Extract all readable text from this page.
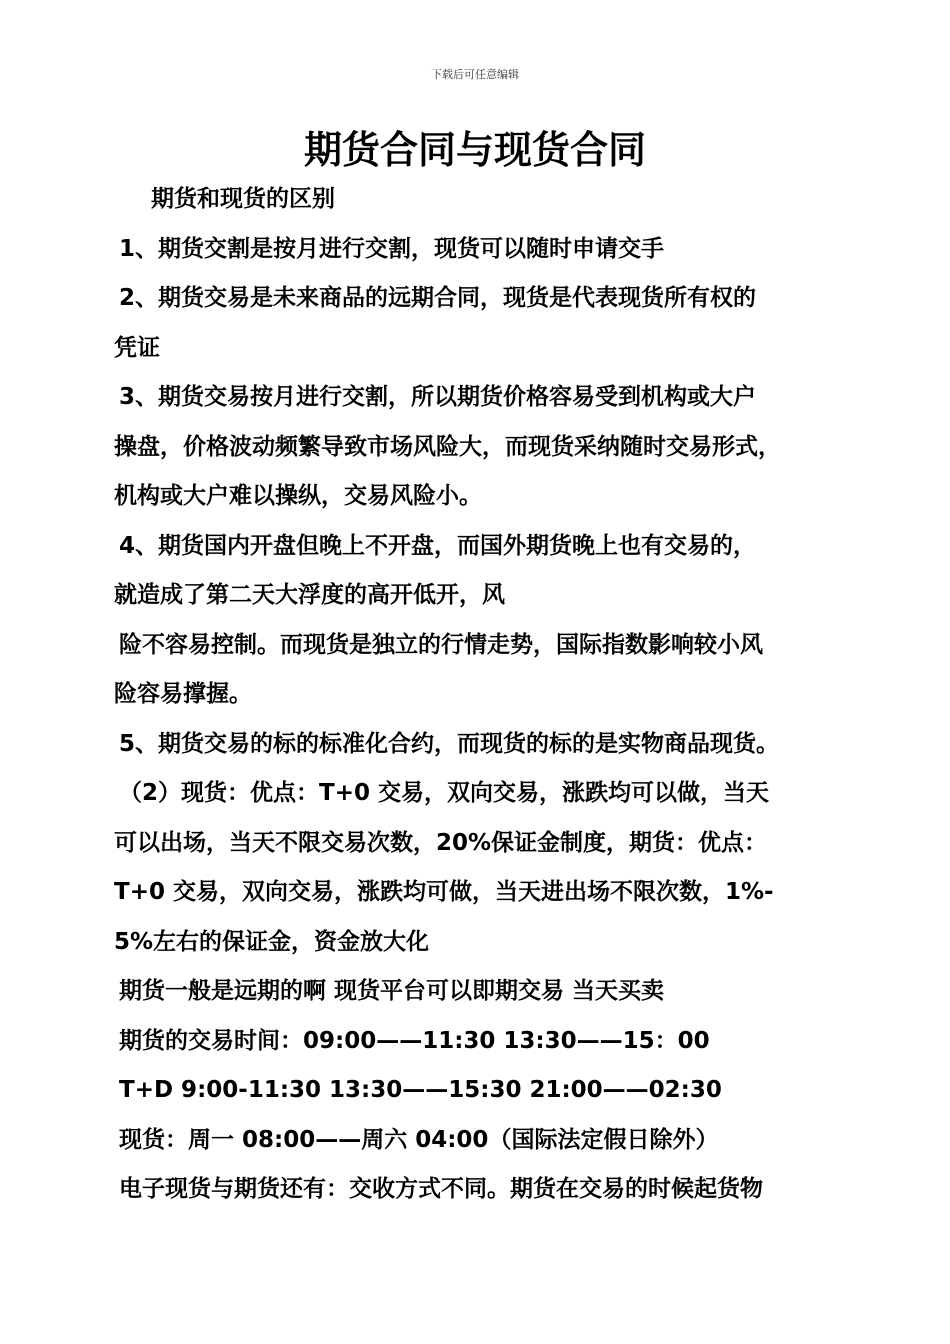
下载后可任意编辑
期货合同与现货合同

期货和现货的区别

1、期货交割是按月进行交割，现货可以随时申请交手

2、期货交易是未来商品的远期合同，现货是代表现货所有权的

凭证

3、期货交易按月进行交割，所以期货价格容易受到机构或大户

操盘，价格波动频繁导致市场风险大，而现货采纳随时交易形式，

机构或大户难以操纵，交易风险小。

4、期货国内开盘但晚上不开盘，而国外期货晚上也有交易的，

就造成了第二天大浮度的高开低开，风

险不容易控制。而现货是独立的行情走势，国际指数影响较小风

险容易撑握。

5、期货交易的标的标准化合约，而现货的标的是实物商品现货。

（2）现货：优点：T+0 交易，双向交易，涨跌均可以做，当天

可以出场，当天不限交易次数，20%保证金制度，期货：优点：

T+0 交易，双向交易，涨跌均可做，当天进出场不限次数，1%-

5%左右的保证金，资金放大化

期货一般是远期的啊 现货平台可以即期交易 当天买卖

期货的交易时间：09:00——11:30 13:30——15：00

T+D 9:00-11:30 13:30——15:30 21:00——02:30

现货：周一 08:00——周六 04:00（国际法定假日除外）

电子现货与期货还有：交收方式不同。期货在交易的时候起货物
